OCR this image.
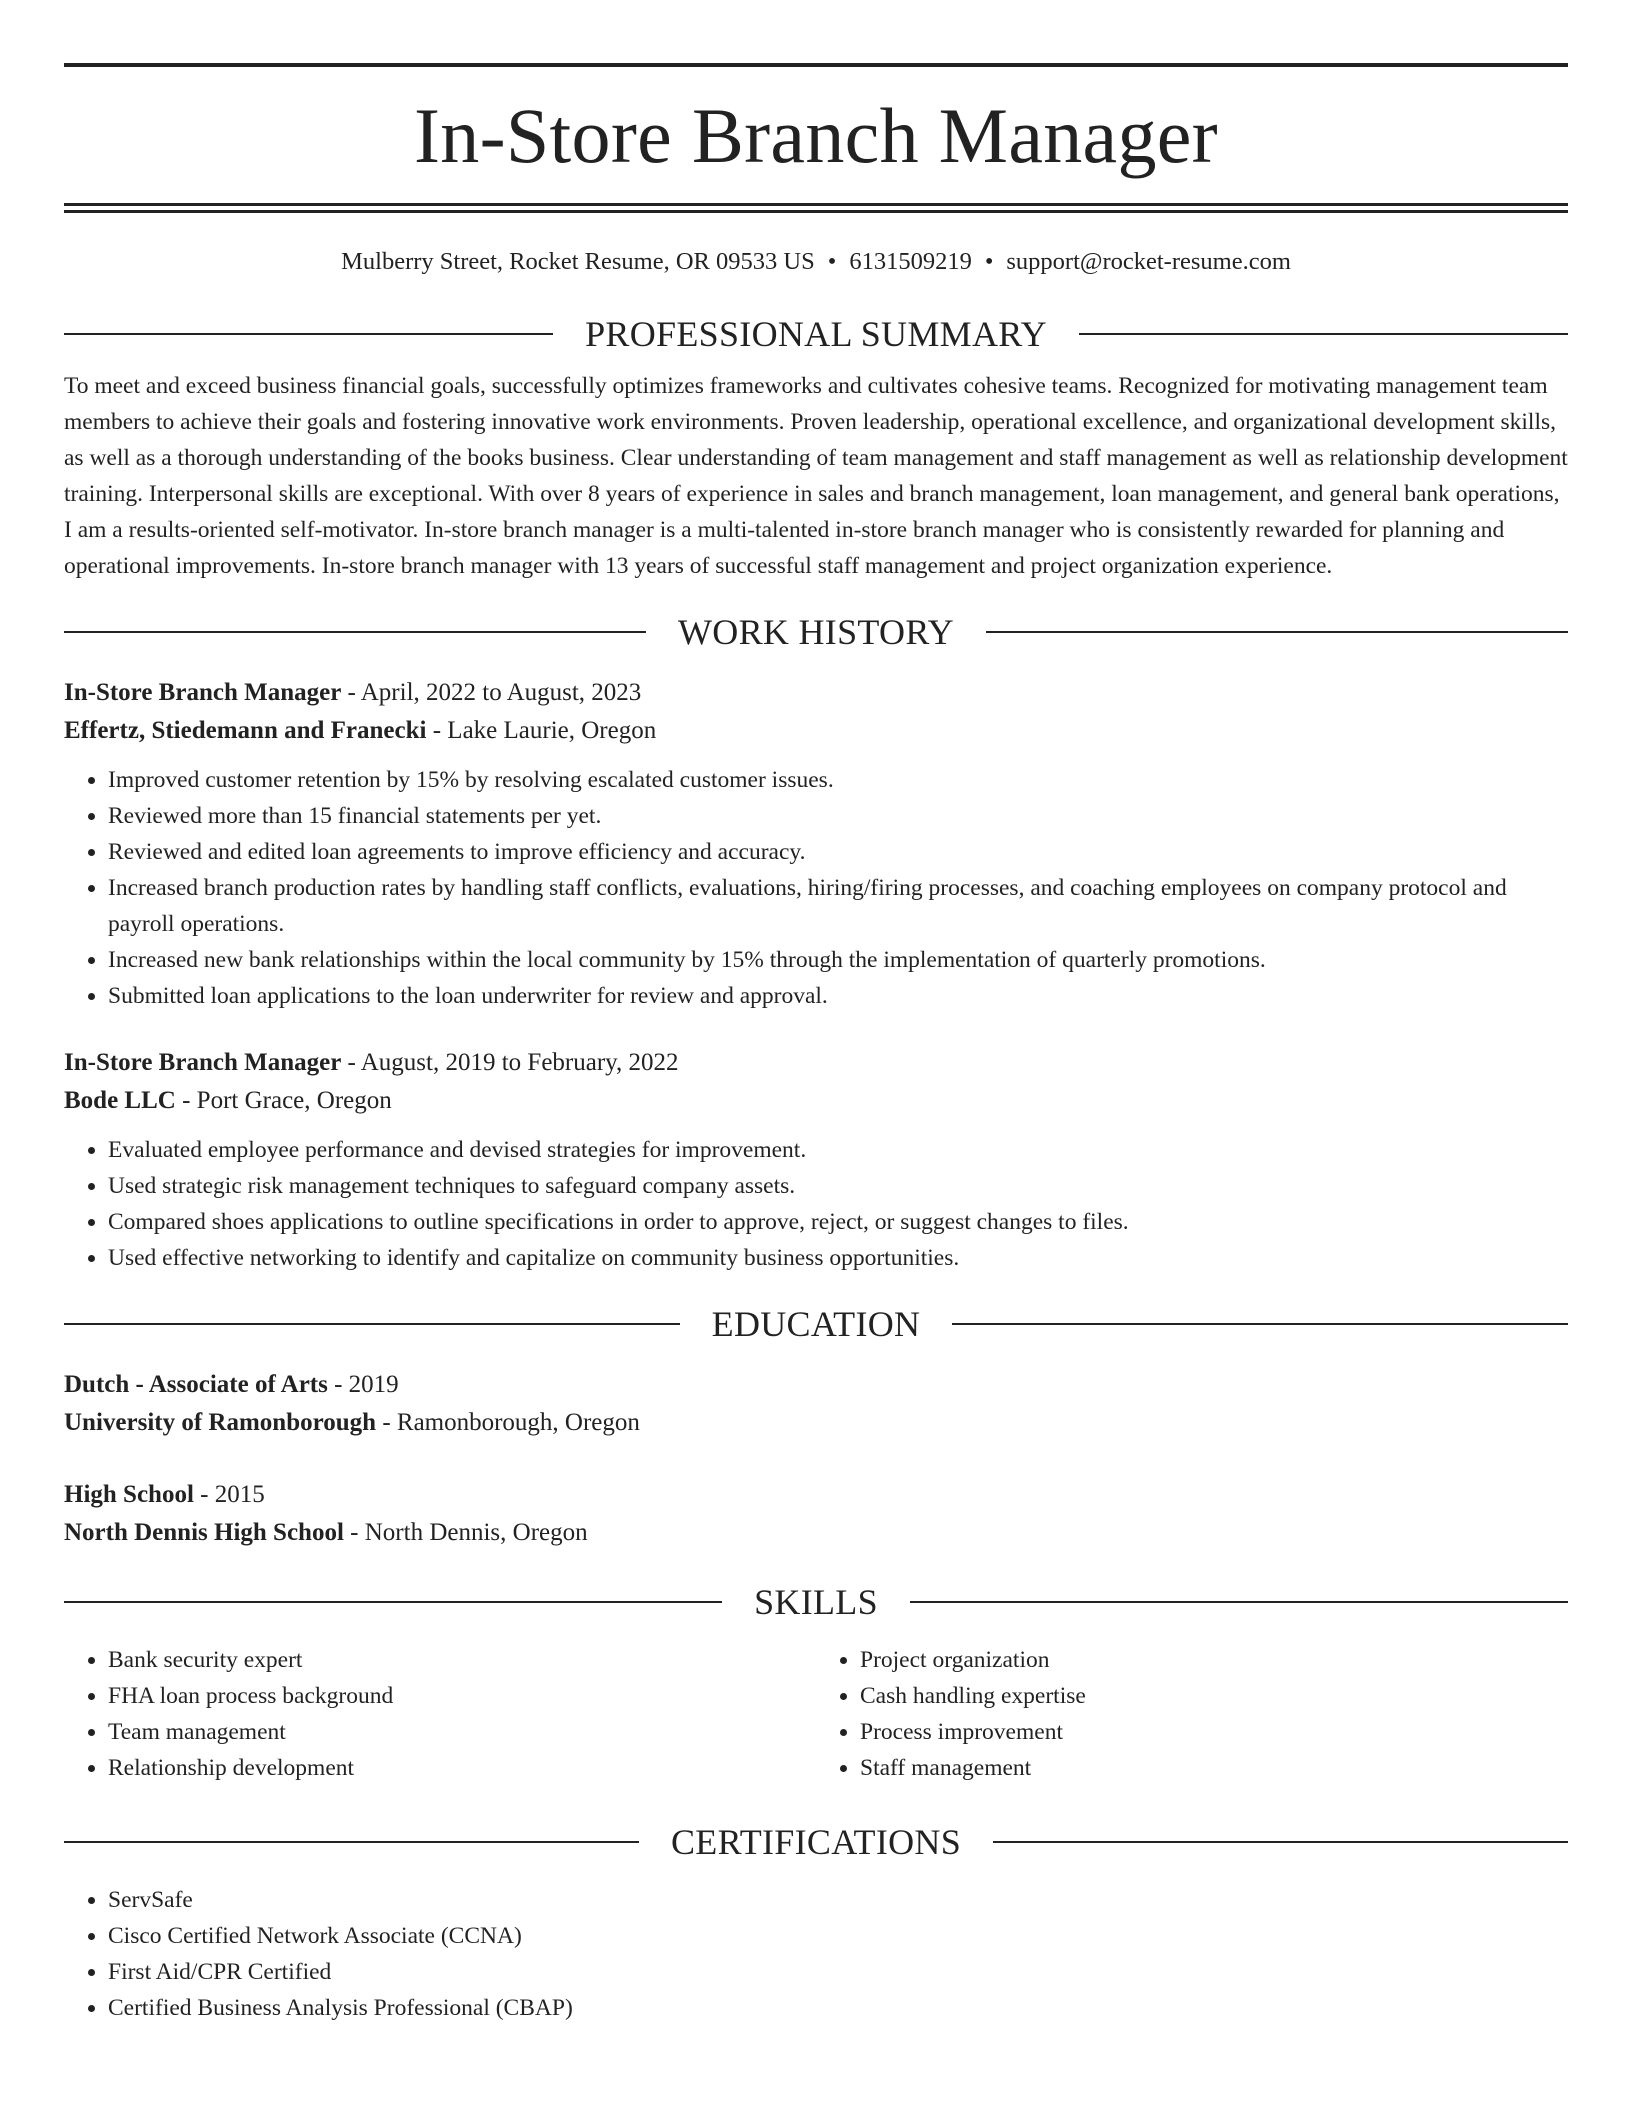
In-Store Branch Manager
Mulberry Street, Rocket Resume, OR 09533 US • 6131509219 • support@rocket-resume.com
PROFESSIONAL SUMMARY

To meet and exceed business financial goals, successfully optimizes frameworks and cultivates cohesive teams. Recognized for motivating management team members to achieve their goals and fostering innovative work environments. Proven leadership, operational excellence, and organizational development skills, as well as a thorough understanding of the books business. Clear understanding of team management and staff management as well as relationship development training. Interpersonal skills are exceptional. With over 8 years of experience in sales and branch management, loan management, and general bank operations, I am a results-oriented self-motivator. In-store branch manager is a multi-talented in-store branch manager who is consistently rewarded for planning and operational improvements. In-store branch manager with 13 years of successful staff management and project organization experience.

WORK HISTORY
In-Store Branch Manager - April, 2022 to August, 2023
Effertz, Stiedemann and Franecki - Lake Laurie, Oregon
• Improved customer retention by 15% by resolving escalated customer issues.
• Reviewed more than 15 financial statements per yet.
• Reviewed and edited loan agreements to improve efficiency and accuracy.
• Increased branch production rates by handling staff conflicts, evaluations, hiring/firing processes, and coaching employees on company protocol and payroll operations.
• Increased new bank relationships within the local community by 15% through the implementation of quarterly promotions.
• Submitted loan applications to the loan underwriter for review and approval.
In-Store Branch Manager - August, 2019 to February, 2022
Bode LLC - Port Grace, Oregon
• Evaluated employee performance and devised strategies for improvement.
• Used strategic risk management techniques to safeguard company assets.
• Compared shoes applications to outline specifications in order to approve, reject, or suggest changes to files.
• Used effective networking to identify and capitalize on community business opportunities.
EDUCATION
Dutch - Associate of Arts - 2019
University of Ramonborough - Ramonborough, Oregon
High School - 2015
North Dennis High School - North Dennis, Oregon
SKILLS
• Bank security expert
• FHA loan process background
• Team management
• Relationship development
• Project organization
• Cash handling expertise
• Process improvement
• Staff management
CERTIFICATIONS
• ServSafe
• Cisco Certified Network Associate (CCNA)
• First Aid/CPR Certified
• Certified Business Analysis Professional (CBAP)
